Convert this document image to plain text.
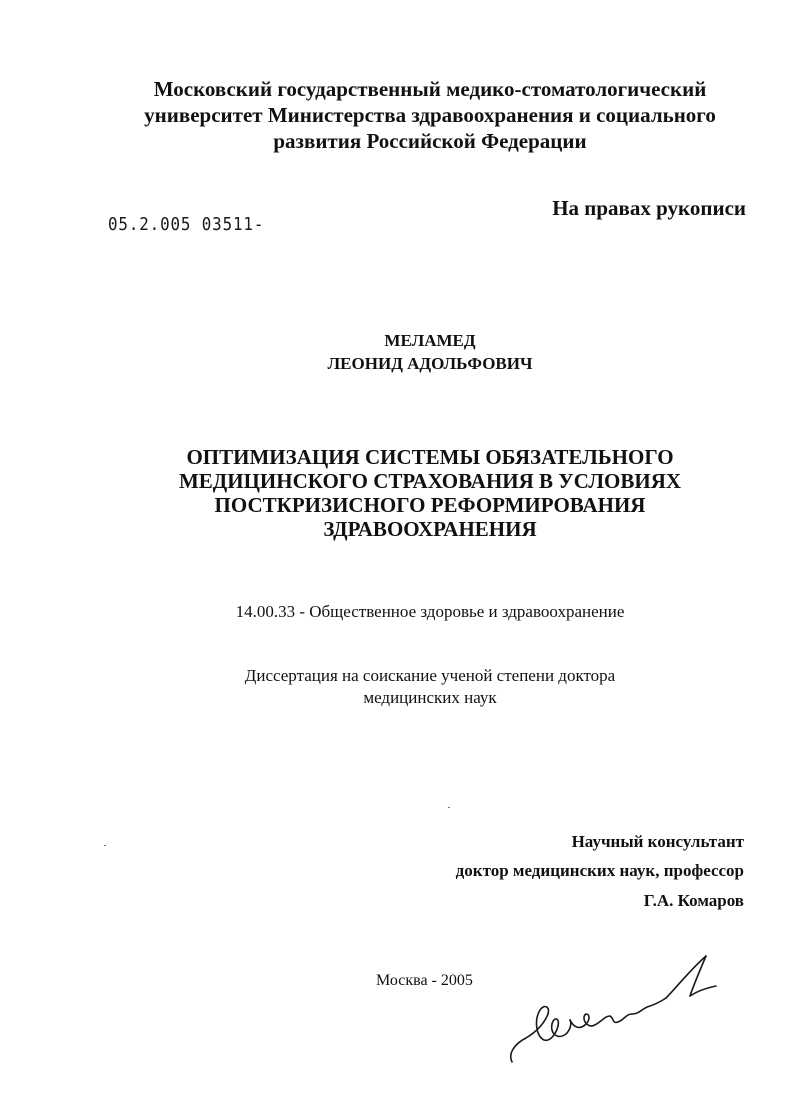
Московский государственный медико-стоматологический
университет Министерства здравоохранения и социального
развития Российской Федерации
05.2.005 03511-
На правах рукописи
МЕЛАМЕД
ЛЕОНИД АДОЛЬФОВИЧ
ОПТИМИЗАЦИЯ СИСТЕМЫ ОБЯЗАТЕЛЬНОГО
МЕДИЦИНСКОГО СТРАХОВАНИЯ В УСЛОВИЯХ
ПОСТКРИЗИСНОГО РЕФОРМИРОВАНИЯ
ЗДРАВООХРАНЕНИЯ
14.00.33 - Общественное здоровье и здравоохранение
Диссертация на соискание ученой степени доктора
медицинских наук
Научный консультант
доктор медицинских наук, профессор
Г.А. Комаров
Москва - 2005
